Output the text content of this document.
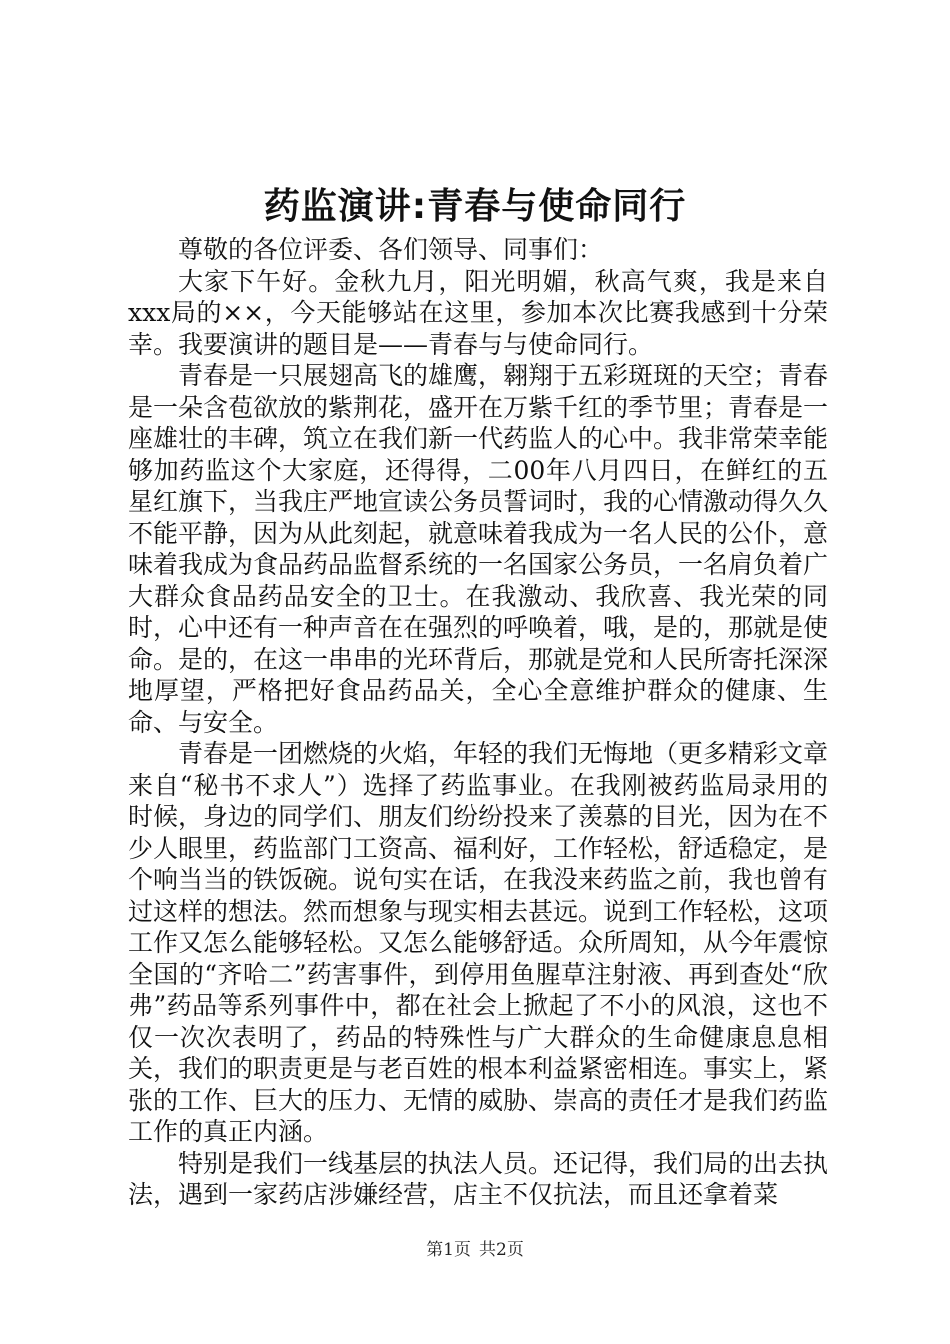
药监演讲:青春与使命同行

尊敬的各位评委、各们领导、同事们：

大家下午好。金秋九月，阳光明媚，秋高气爽，我是来自xxx局的××，今天能够站在这里，参加本次比赛我感到十分荣幸。我要演讲的题目是——青春与与使命同行。

青春是一只展翅高飞的雄鹰，翱翔于五彩斑斑的天空；青春是一朵含苞欲放的紫荆花，盛开在万紫千红的季节里；青春是一座雄壮的丰碑，筑立在我们新一代药监人的心中。我非常荣幸能够加药监这个大家庭，还得得，二00年八月四日，在鲜红的五星红旗下，当我庄严地宣读公务员誓词时，我的心情激动得久久不能平静，因为从此刻起，就意味着我成为一名人民的公仆，意味着我成为食品药品监督系统的一名国家公务员，一名肩负着广大群众食品药品安全的卫士。在我激动、我欣喜、我光荣的同时，心中还有一种声音在在强烈的呼唤着，哦，是的，那就是使命。是的，在这一串串的光环背后，那就是党和人民所寄托深深地厚望，严格把好食品药品关，全心全意维护群众的健康、生命、与安全。

青春是一团燃烧的火焰，年轻的我们无悔地（更多精彩文章来自“秘书不求人”）选择了药监事业。在我刚被药监局录用的时候，身边的同学们、朋友们纷纷投来了羡慕的目光，因为在不少人眼里，药监部门工资高、福利好，工作轻松，舒适稳定，是个响当当的铁饭碗。说句实在话，在我没来药监之前，我也曾有过这样的想法。然而想象与现实相去甚远。说到工作轻松，这项工作又怎么能够轻松。又怎么能够舒适。众所周知，从今年震惊全国的“齐哈二”药害事件，到停用鱼腥草注射液、再到查处“欣弗”药品等系列事件中，都在社会上掀起了不小的风浪，这也不仅一次次表明了，药品的特殊性与广大群众的生命健康息息相关，我们的职责更是与老百姓的根本利益紧密相连。事实上，紧张的工作、巨大的压力、无情的威胁、崇高的责任才是我们药监工作的真正内涵。

特别是我们一线基层的执法人员。还记得，我们局的出去执法，遇到一家药店涉嫌经营，店主不仅抗法，而且还拿着菜

第1页 共2页
